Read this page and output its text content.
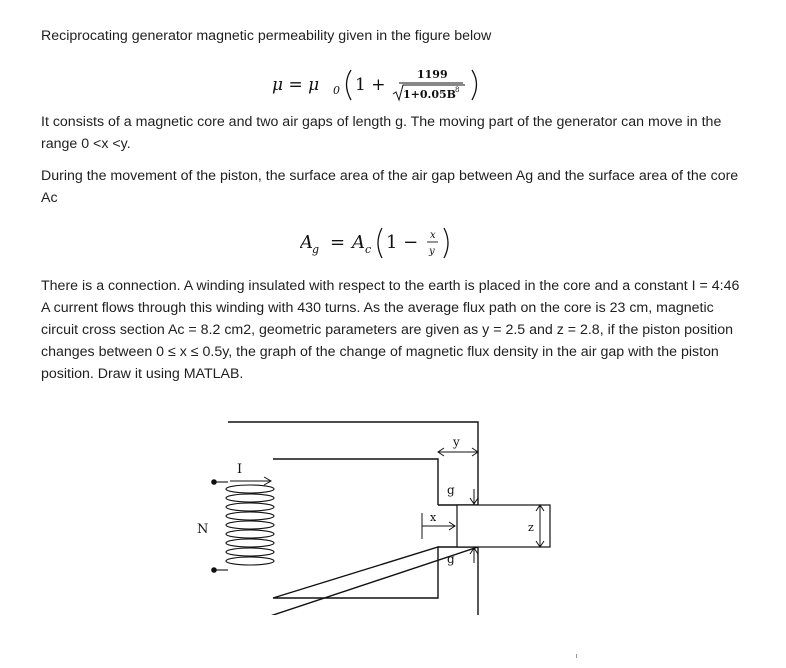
Reciprocating generator magnetic permeability given in the figure below

μ = μ 0 1 +
1199
1+0.05B 8

It consists of a magnetic core and two air gaps of length g. The moving part of the generator can move in the range 0 <x <y.

During the movement of the piston, the surface area of the air gap between Ag and the surface area of the core Ac

A g = A c 1 − x
y

There is a connection. A winding insulated with respect to the earth is placed in the core and a constant I = 4:46 A current flows through this winding with 430 turns. As the average flux path on the core is 23 cm, magnetic circuit cross section Ac = 8.2 cm2, geometric parameters are given as y = 2.5 and z = 2.8, if the piston position changes between 0 ≤ x ≤ 0.5y, the graph of the change of magnetic flux density in the air gap with the piston position. Draw it using MATLAB.

I
N
y
g
g
x
z
